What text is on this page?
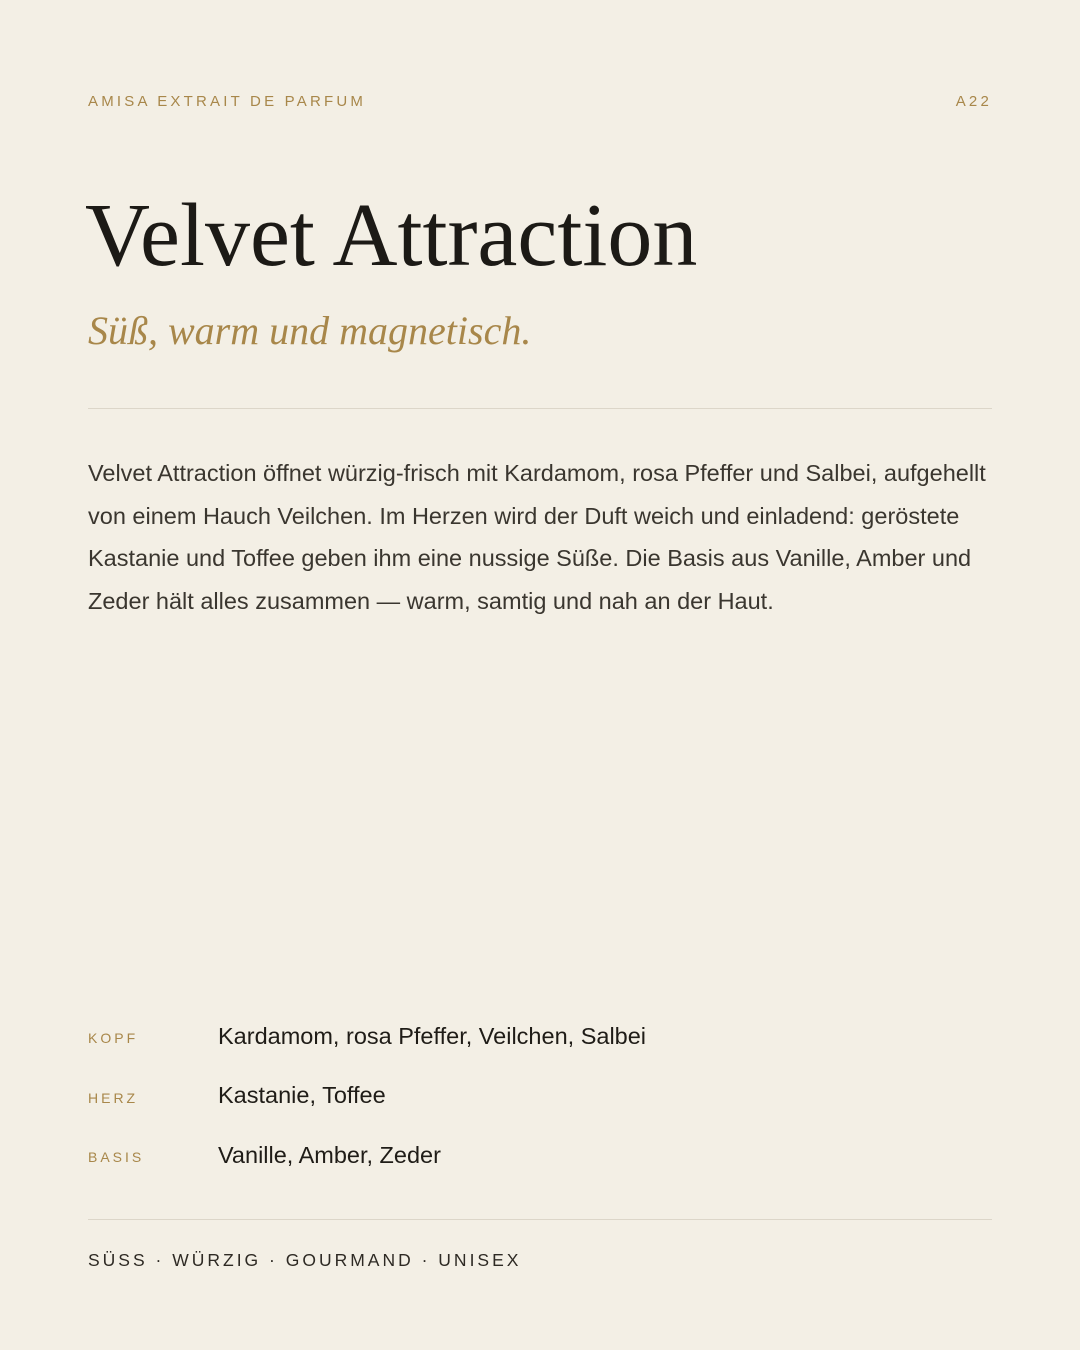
AMISA EXTRAIT DE PARFUM	A22
Velvet Attraction
Süß, warm und magnetisch.

Velvet Attraction öffnet würzig-frisch mit Kardamom, rosa Pfeffer und Salbei, aufgehellt von einem Hauch Veilchen. Im Herzen wird der Duft weich und einladend: geröstete Kastanie und Toffee geben ihm eine nussige Süße. Die Basis aus Vanille, Amber und Zeder hält alles zusammen — warm, samtig und nah an der Haut.

KOPF	Kardamom, rosa Pfeffer, Veilchen, Salbei
HERZ	Kastanie, Toffee
BASIS	Vanille, Amber, Zeder
SÜSS · WÜRZIG · GOURMAND · UNISEX
